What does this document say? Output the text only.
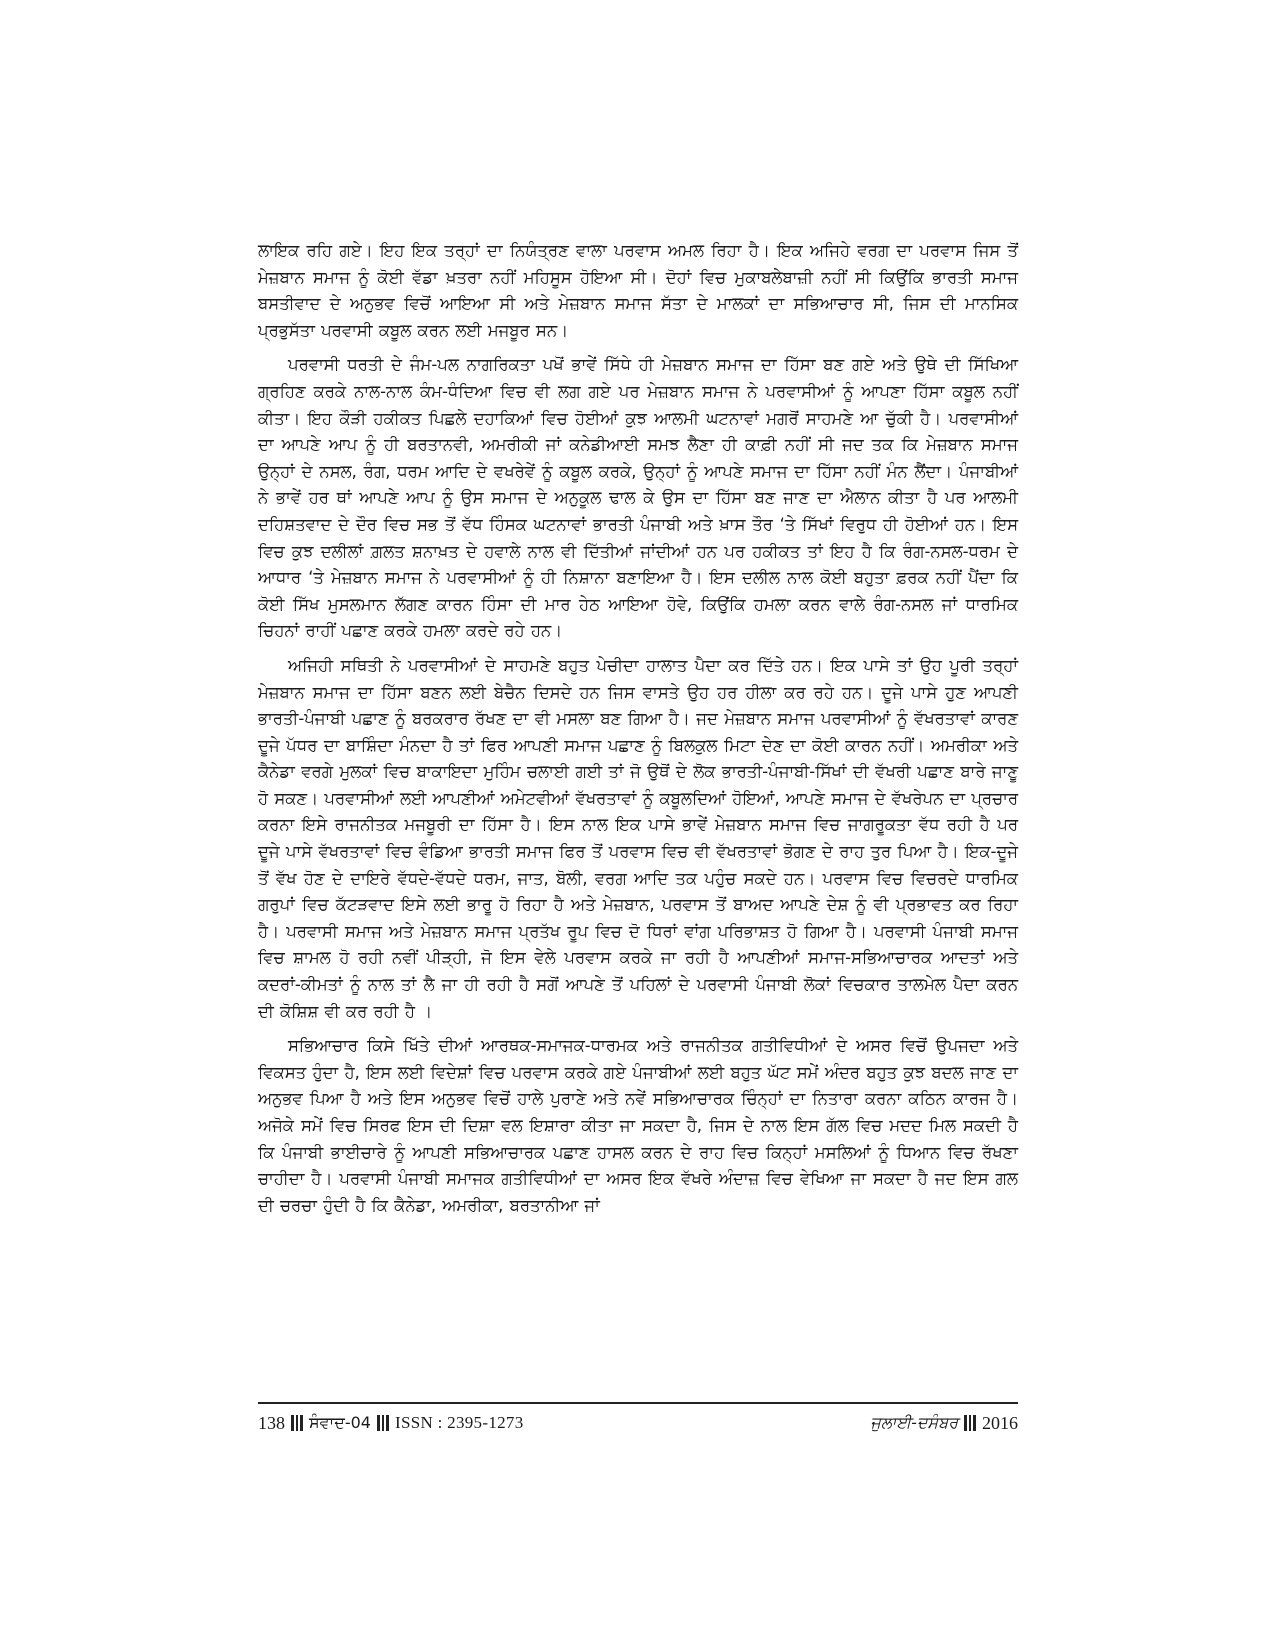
ਲਾਇਕ ਰਹਿ ਗਏ। ਇਹ ਇਕ ਤਰ੍ਹਾਂ ਦਾ ਨਿਯੰਤ੍ਰਣ ਵਾਲਾ ਪਰਵਾਸ ਅਮਲ ਰਿਹਾ ਹੈ। ਇਕ ਅਜਿਹੇ ਵਰਗ ਦਾ ਪਰਵਾਸ ਜਿਸ ਤੋਂ ਮੇਜ਼ਬਾਨ ਸਮਾਜ ਨੂੰ ਕੋਈ ਵੱਡਾ ਖ਼ਤਰਾ ਨਹੀਂ ਮਹਿਸੂਸ ਹੋਇਆ ਸੀ। ਦੋਹਾਂ ਵਿਚ ਮੁਕਾਬਲੇਬਾਜ਼ੀ ਨਹੀਂ ਸੀ ਕਿਉਂਕਿ ਭਾਰਤੀ ਸਮਾਜ ਬਸਤੀਵਾਦ ਦੇ ਅਨੁਭਵ ਵਿਚੋਂ ਆਇਆ ਸੀ ਅਤੇ ਮੇਜ਼ਬਾਨ ਸਮਾਜ ਸੱਤਾ ਦੇ ਮਾਲਕਾਂ ਦਾ ਸਭਿਆਚਾਰ ਸੀ, ਜਿਸ ਦੀ ਮਾਨਸਿਕ ਪ੍ਰਭੁਸੱਤਾ ਪਰਵਾਸੀ ਕਬੂਲ ਕਰਨ ਲਈ ਮਜਬੂਰ ਸਨ।

ਪਰਵਾਸੀ ਧਰਤੀ ਦੇ ਜੰਮ-ਪਲ ਨਾਗਰਿਕਤਾ ਪਖੋਂ ਭਾਵੇਂ ਸਿੱਧੇ ਹੀ ਮੇਜ਼ਬਾਨ ਸਮਾਜ ਦਾ ਹਿੱਸਾ ਬਣ ਗਏ ਅਤੇ ਉਥੇ ਦੀ ਸਿੱਖਿਆ ਗ੍ਰਹਿਣ ਕਰਕੇ ਨਾਲ-ਨਾਲ ਕੰਮ-ਧੰਦਿਆ ਵਿਚ ਵੀ ਲਗ ਗਏ ਪਰ ਮੇਜ਼ਬਾਨ ਸਮਾਜ ਨੇ ਪਰਵਾਸੀਆਂ ਨੂੰ ਆਪਣਾ ਹਿੱਸਾ ਕਬੂਲ ਨਹੀਂ ਕੀਤਾ। ਇਹ ਕੌੜੀ ਹਕੀਕਤ ਪਿਛਲੇ ਦਹਾਕਿਆਂ ਵਿਚ ਹੋਈਆਂ ਕੁਝ ਆਲਮੀ ਘਟਨਾਵਾਂ ਮਗਰੋਂ ਸਾਹਮਣੇ ਆ ਚੁੱਕੀ ਹੈ। ਪਰਵਾਸੀਆਂ ਦਾ ਆਪਣੇ ਆਪ ਨੂੰ ਹੀ ਬਰਤਾਨਵੀ, ਅਮਰੀਕੀ ਜਾਂ ਕਨੇਡੀਆਈ ਸਮਝ ਲੈਣਾ ਹੀ ਕਾਫ਼ੀ ਨਹੀਂ ਸੀ ਜਦ ਤਕ ਕਿ ਮੇਜ਼ਬਾਨ ਸਮਾਜ ਉਨ੍ਹਾਂ ਦੇ ਨਸਲ, ਰੰਗ, ਧਰਮ ਆਦਿ ਦੇ ਵਖਰੇਵੇਂ ਨੂੰ ਕਬੂਲ ਕਰਕੇ, ਉਨ੍ਹਾਂ ਨੂੰ ਆਪਣੇ ਸਮਾਜ ਦਾ ਹਿੱਸਾ ਨਹੀਂ ਮੰਨ ਲੈਂਦਾ। ਪੰਜਾਬੀਆਂ ਨੇ ਭਾਵੇਂ ਹਰ ਥਾਂ ਆਪਣੇ ਆਪ ਨੂੰ ਉਸ ਸਮਾਜ ਦੇ ਅਨੁਕੂਲ ਢਾਲ ਕੇ ਉਸ ਦਾ ਹਿੱਸਾ ਬਣ ਜਾਣ ਦਾ ਐਲਾਨ ਕੀਤਾ ਹੈ ਪਰ ਆਲਮੀ ਦਹਿਸ਼ਤਵਾਦ ਦੇ ਦੌਰ ਵਿਚ ਸਭ ਤੋਂ ਵੱਧ ਹਿੰਸਕ ਘਟਨਾਵਾਂ ਭਾਰਤੀ ਪੰਜਾਬੀ ਅਤੇ ਖ਼ਾਸ ਤੌਰ ‘ਤੇ ਸਿੱਖਾਂ ਵਿਰੁਧ ਹੀ ਹੋਈਆਂ ਹਨ। ਇਸ ਵਿਚ ਕੁਝ ਦਲੀਲਾਂ ਗ਼ਲਤ ਸ਼ਨਾਖ਼ਤ ਦੇ ਹਵਾਲੇ ਨਾਲ ਵੀ ਦਿੱਤੀਆਂ ਜਾਂਦੀਆਂ ਹਨ ਪਰ ਹਕੀਕਤ ਤਾਂ ਇਹ ਹੈ ਕਿ ਰੰਗ-ਨਸਲ-ਧਰਮ ਦੇ ਆਧਾਰ ‘ਤੇ ਮੇਜ਼ਬਾਨ ਸਮਾਜ ਨੇ ਪਰਵਾਸੀਆਂ ਨੂੰ ਹੀ ਨਿਸ਼ਾਨਾ ਬਣਾਇਆ ਹੈ। ਇਸ ਦਲੀਲ ਨਾਲ ਕੋਈ ਬਹੁਤਾ ਫ਼ਰਕ ਨਹੀਂ ਪੈਂਦਾ ਕਿ ਕੋਈ ਸਿੱਖ ਮੁਸਲਮਾਨ ਲੱਗਣ ਕਾਰਨ ਹਿੰਸਾ ਦੀ ਮਾਰ ਹੇਠ ਆਇਆ ਹੋਵੇ, ਕਿਉਂਕਿ ਹਮਲਾ ਕਰਨ ਵਾਲੇ ਰੰਗ-ਨਸਲ ਜਾਂ ਧਾਰਮਿਕ ਚਿਹਨਾਂ ਰਾਹੀਂ ਪਛਾਣ ਕਰਕੇ ਹਮਲਾ ਕਰਦੇ ਰਹੇ ਹਨ।

ਅਜਿਹੀ ਸਥਿਤੀ ਨੇ ਪਰਵਾਸੀਆਂ ਦੇ ਸਾਹਮਣੇ ਬਹੁਤ ਪੇਚੀਦਾ ਹਾਲਾਤ ਪੈਦਾ ਕਰ ਦਿੱਤੇ ਹਨ। ਇਕ ਪਾਸੇ ਤਾਂ ਉਹ ਪੂਰੀ ਤਰ੍ਹਾਂ ਮੇਜ਼ਬਾਨ ਸਮਾਜ ਦਾ ਹਿੱਸਾ ਬਣਨ ਲਈ ਬੇਚੈਨ ਦਿਸਦੇ ਹਨ ਜਿਸ ਵਾਸਤੇ ਉਹ ਹਰ ਹੀਲਾ ਕਰ ਰਹੇ ਹਨ। ਦੂਜੇ ਪਾਸੇ ਹੁਣ ਆਪਣੀ ਭਾਰਤੀ-ਪੰਜਾਬੀ ਪਛਾਣ ਨੂੰ ਬਰਕਰਾਰ ਰੱਖਣ ਦਾ ਵੀ ਮਸਲਾ ਬਣ ਗਿਆ ਹੈ। ਜਦ ਮੇਜ਼ਬਾਨ ਸਮਾਜ ਪਰਵਾਸੀਆਂ ਨੂੰ ਵੱਖਰਤਾਵਾਂ ਕਾਰਣ ਦੂਜੇ ਪੱਧਰ ਦਾ ਬਾਸ਼ਿੰਦਾ ਮੰਨਦਾ ਹੈ ਤਾਂ ਫਿਰ ਆਪਣੀ ਸਮਾਜ ਪਛਾਣ ਨੂੰ ਬਿਲਕੁਲ ਮਿਟਾ ਦੇਣ ਦਾ ਕੋਈ ਕਾਰਨ ਨਹੀਂ। ਅਮਰੀਕਾ ਅਤੇ ਕੈਨੇਡਾ ਵਰਗੇ ਮੁਲਕਾਂ ਵਿਚ ਬਾਕਾਇਦਾ ਮੁਹਿੰਮ ਚਲਾਈ ਗਈ ਤਾਂ ਜੋ ਉਥੋਂ ਦੇ ਲੋਕ ਭਾਰਤੀ-ਪੰਜਾਬੀ-ਸਿੱਖਾਂ ਦੀ ਵੱਖਰੀ ਪਛਾਣ ਬਾਰੇ ਜਾਣੂ ਹੋ ਸਕਣ। ਪਰਵਾਸੀਆਂ ਲਈ ਆਪਣੀਆਂ ਅਮੇਟਵੀਆਂ ਵੱਖਰਤਾਵਾਂ ਨੂੰ ਕਬੂਲਦਿਆਂ ਹੋਇਆਂ, ਆਪਣੇ ਸਮਾਜ ਦੇ ਵੱਖਰੇਪਨ ਦਾ ਪ੍ਰਚਾਰ ਕਰਨਾ ਇਸੇ ਰਾਜਨੀਤਕ ਮਜਬੂਰੀ ਦਾ ਹਿੱਸਾ ਹੈ। ਇਸ ਨਾਲ ਇਕ ਪਾਸੇ ਭਾਵੇਂ ਮੇਜ਼ਬਾਨ ਸਮਾਜ ਵਿਚ ਜਾਗਰੂਕਤਾ ਵੱਧ ਰਹੀ ਹੈ ਪਰ ਦੂਜੇ ਪਾਸੇ ਵੱਖਰਤਾਵਾਂ ਵਿਚ ਵੰਡਿਆ ਭਾਰਤੀ ਸਮਾਜ ਫਿਰ ਤੋਂ ਪਰਵਾਸ ਵਿਚ ਵੀ ਵੱਖਰਤਾਵਾਂ ਭੋਗਣ ਦੇ ਰਾਹ ਤੁਰ ਪਿਆ ਹੈ। ਇਕ-ਦੂਜੇ ਤੋਂ ਵੱਖ ਹੋਣ ਦੇ ਦਾਇਰੇ ਵੱਧਦੇ-ਵੱਧਦੇ ਧਰਮ, ਜਾਤ, ਬੋਲੀ, ਵਰਗ ਆਦਿ ਤਕ ਪਹੁੰਚ ਸਕਦੇ ਹਨ। ਪਰਵਾਸ ਵਿਚ ਵਿਚਰਦੇ ਧਾਰਮਿਕ ਗਰੁਪਾਂ ਵਿਚ ਕੱਟੜਵਾਦ ਇਸੇ ਲਈ ਭਾਰੂ ਹੋ ਰਿਹਾ ਹੈ ਅਤੇ ਮੇਜ਼ਬਾਨ, ਪਰਵਾਸ ਤੋਂ ਬਾਅਦ ਆਪਣੇ ਦੇਸ਼ ਨੂੰ ਵੀ ਪ੍ਰਭਾਵਤ ਕਰ ਰਿਹਾ ਹੈ। ਪਰਵਾਸੀ ਸਮਾਜ ਅਤੇ ਮੇਜ਼ਬਾਨ ਸਮਾਜ ਪ੍ਰਤੱਖ ਰੂਪ ਵਿਚ ਦੋ ਧਿਰਾਂ ਵਾਂਗ ਪਰਿਭਾਸ਼ਤ ਹੋ ਗਿਆ ਹੈ। ਪਰਵਾਸੀ ਪੰਜਾਬੀ ਸਮਾਜ ਵਿਚ ਸ਼ਾਮਲ ਹੋ ਰਹੀ ਨਵੀਂ ਪੀੜ੍ਹੀ, ਜੋ ਇਸ ਵੇਲੇ ਪਰਵਾਸ ਕਰਕੇ ਜਾ ਰਹੀ ਹੈ ਆਪਣੀਆਂ ਸਮਾਜ-ਸਭਿਆਚਾਰਕ ਆਦਤਾਂ ਅਤੇ ਕਦਰਾਂ-ਕੀਮਤਾਂ ਨੂੰ ਨਾਲ ਤਾਂ ਲੈ ਜਾ ਹੀ ਰਹੀ ਹੈ ਸਗੋਂ ਆਪਣੇ ਤੋਂ ਪਹਿਲਾਂ ਦੇ ਪਰਵਾਸੀ ਪੰਜਾਬੀ ਲੋਕਾਂ ਵਿਚਕਾਰ ਤਾਲਮੇਲ ਪੈਦਾ ਕਰਨ ਦੀ ਕੋਸ਼ਿਸ਼ ਵੀ ਕਰ ਰਹੀ ਹੈ ।

ਸਭਿਆਚਾਰ ਕਿਸੇ ਖਿੱਤੇ ਦੀਆਂ ਆਰਥਕ-ਸਮਾਜਕ-ਧਾਰਮਕ ਅਤੇ ਰਾਜਨੀਤਕ ਗਤੀਵਿਧੀਆਂ ਦੇ ਅਸਰ ਵਿਚੋਂ ਉਪਜਦਾ ਅਤੇ ਵਿਕਸਤ ਹੁੰਦਾ ਹੈ, ਇਸ ਲਈ ਵਿਦੇਸ਼ਾਂ ਵਿਚ ਪਰਵਾਸ ਕਰਕੇ ਗਏ ਪੰਜਾਬੀਆਂ ਲਈ ਬਹੁਤ ਘੱਟ ਸਮੇਂ ਅੰਦਰ ਬਹੁਤ ਕੁਝ ਬਦਲ ਜਾਣ ਦਾ ਅਨੁਭਵ ਪਿਆ ਹੈ ਅਤੇ ਇਸ ਅਨੁਭਵ ਵਿਚੋਂ ਹਾਲੇ ਪੁਰਾਣੇ ਅਤੇ ਨਵੇਂ ਸਭਿਆਚਾਰਕ ਚਿੰਨ੍ਹਾਂ ਦਾ ਨਿਤਾਰਾ ਕਰਨਾ ਕਠਿਨ ਕਾਰਜ ਹੈ। ਅਜੋਕੇ ਸਮੇਂ ਵਿਚ ਸਿਰਫ ਇਸ ਦੀ ਦਿਸ਼ਾ ਵਲ ਇਸ਼ਾਰਾ ਕੀਤਾ ਜਾ ਸਕਦਾ ਹੈ, ਜਿਸ ਦੇ ਨਾਲ ਇਸ ਗੱਲ ਵਿਚ ਮਦਦ ਮਿਲ ਸਕਦੀ ਹੈ ਕਿ ਪੰਜਾਬੀ ਭਾਈਚਾਰੇ ਨੂੰ ਆਪਣੀ ਸਭਿਆਚਾਰਕ ਪਛਾਣ ਹਾਸਲ ਕਰਨ ਦੇ ਰਾਹ ਵਿਚ ਕਿਨ੍ਹਾਂ ਮਸਲਿਆਂ ਨੂੰ ਧਿਆਨ ਵਿਚ ਰੱਖਣਾ ਚਾਹੀਦਾ ਹੈ। ਪਰਵਾਸੀ ਪੰਜਾਬੀ ਸਮਾਜਕ ਗਤੀਵਿਧੀਆਂ ਦਾ ਅਸਰ ਇਕ ਵੱਖਰੇ ਅੰਦਾਜ਼ ਵਿਚ ਵੇਖਿਆ ਜਾ ਸਕਦਾ ਹੈ ਜਦ ਇਸ ਗਲ ਦੀ ਚਰਚਾ ਹੁੰਦੀ ਹੈ ਕਿ ਕੈਨੇਡਾ, ਅਮਰੀਕਾ, ਬਰਤਾਨੀਆ ਜਾਂ

138 ਸੰਵਾਦ-04 ISSN : 2395-1273	ਜੁਲਾਈ-ਦਸੰਬਰ 2016
